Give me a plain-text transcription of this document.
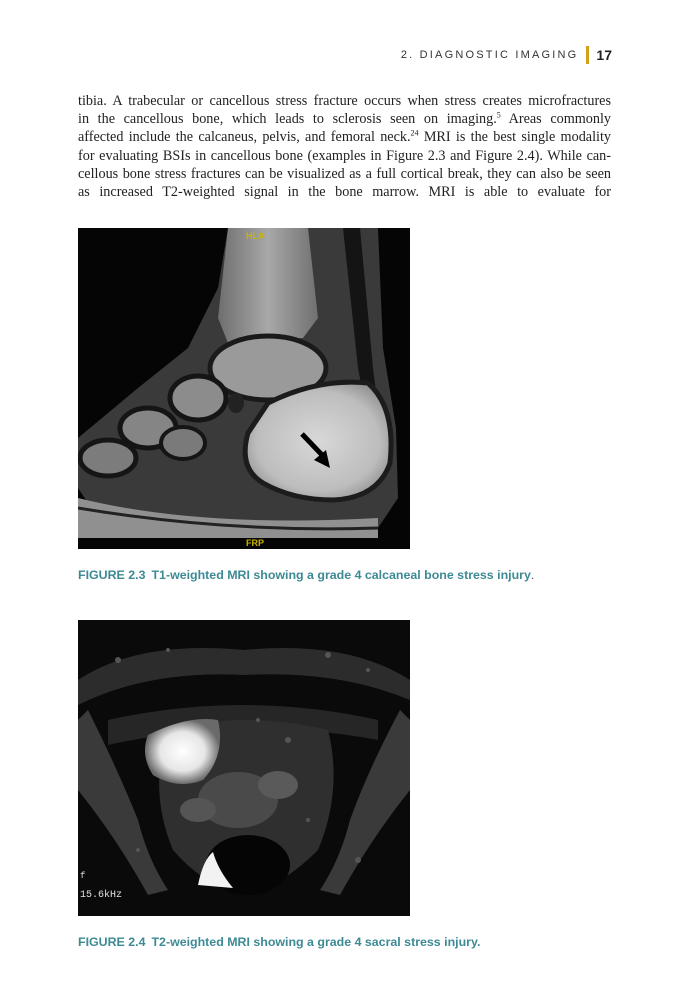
2. DIAGNOSTIC IMAGING 17
tibia. A trabecular or cancellous stress fracture occurs when stress creates microfractures
in the cancellous bone, which leads to sclerosis seen on imaging.$^5$ Areas commonly
affected include the calcaneus, pelvis, and femoral neck.$^{24}$ MRI is the best single modality
for evaluating BSIs in cancellous bone (examples in Figure 2.3 and Figure 2.4). While can-
cellous bone stress fractures can be visualized as a full cortical break, they can also be seen
as increased T2-weighted signal in the bone marrow. MRI is able to evaluate for
HLA
FRP
FIGURE 2.3 T1-weighted MRI showing a grade 4 calcaneal bone stress injury.
f
15.6kHz
FIGURE 2.4 T2-weighted MRI showing a grade 4 sacral stress injury.
